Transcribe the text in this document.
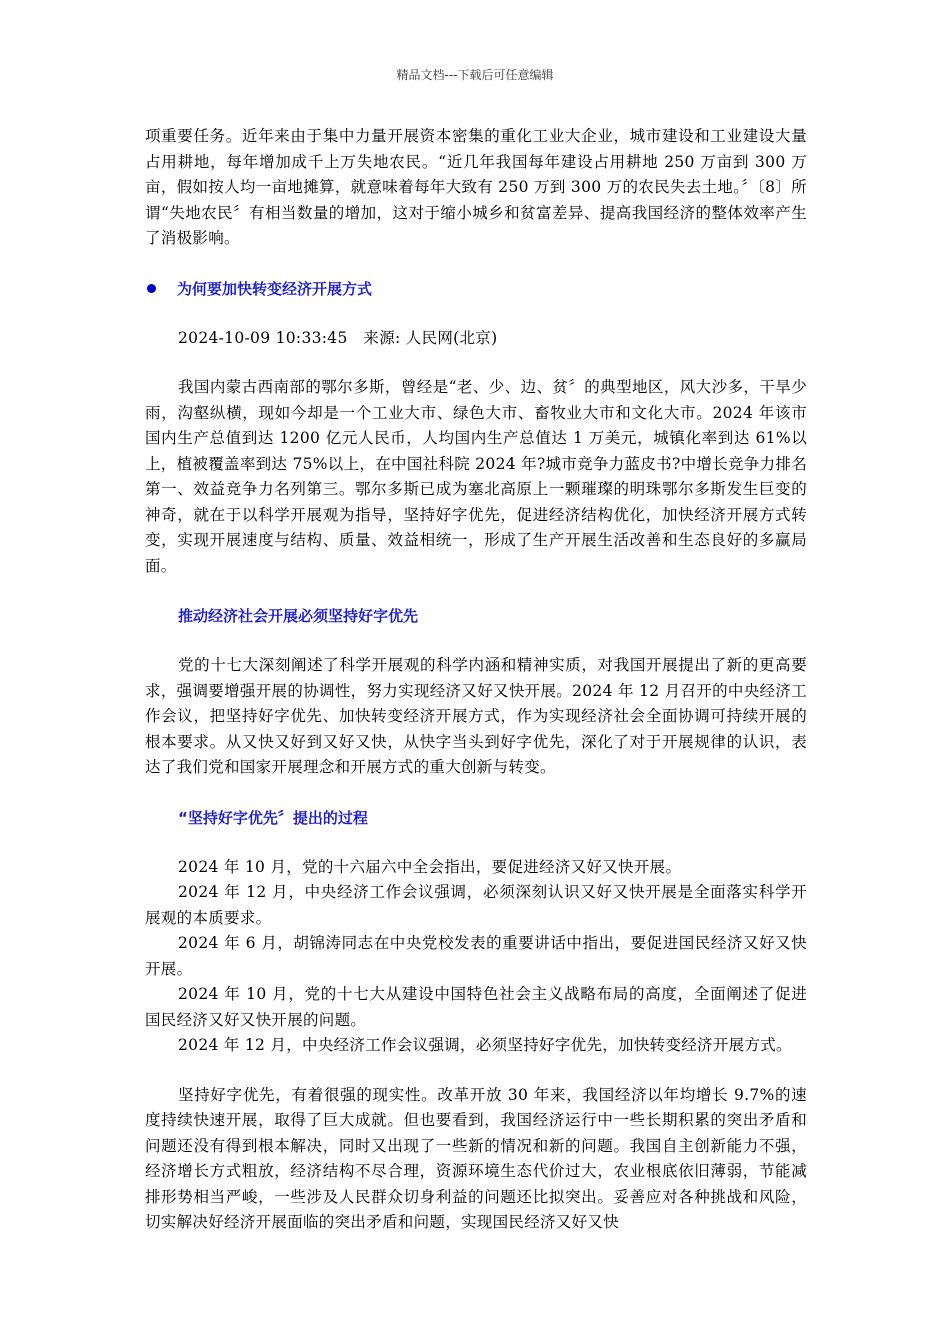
精品文档---下载后可任意编辑

项重要任务。近年来由于集中力量开展资本密集的重化工业大企业，城市建设和工业建设大量占用耕地，每年增加成千上万失地农民。“近几年我国每年建设占用耕地 250 万亩到 300 万亩，假如按人均一亩地摊算，就意味着每年大致有 250 万到 300 万的农民失去土地。〞〔8〕所谓“失地农民〞有相当数量的增加，这对于缩小城乡和贫富差异、提高我国经济的整体效率产生了消极影响。

为何要加快转变经济开展方式

2024-10-09 10:33:45　来源: 人民网(北京)

我国内蒙古西南部的鄂尔多斯，曾经是“老、少、边、贫〞的典型地区，风大沙多，干旱少雨，沟壑纵横，现如今却是一个工业大市、绿色大市、畜牧业大市和文化大市。2024 年该市国内生产总值到达 1200 亿元人民币，人均国内生产总值达 1 万美元，城镇化率到达 61%以上，植被覆盖率到达 75%以上，在中国社科院 2024 年?城市竞争力蓝皮书?中增长竞争力排名第一、效益竞争力名列第三。鄂尔多斯已成为塞北高原上一颗璀璨的明珠鄂尔多斯发生巨变的神奇，就在于以科学开展观为指导，坚持好字优先，促进经济结构优化，加快经济开展方式转变，实现开展速度与结构、质量、效益相统一，形成了生产开展生活改善和生态良好的多赢局面。

推动经济社会开展必须坚持好字优先

党的十七大深刻阐述了科学开展观的科学内涵和精神实质，对我国开展提出了新的更高要求，强调要增强开展的协调性，努力实现经济又好又快开展。2024 年 12 月召开的中央经济工作会议，把坚持好字优先、加快转变经济开展方式，作为实现经济社会全面协调可持续开展的根本要求。从又快又好到又好又快，从快字当头到好字优先，深化了对于开展规律的认识，表达了我们党和国家开展理念和开展方式的重大创新与转变。

“坚持好字优先〞提出的过程

2024 年 10 月，党的十六届六中全会指出，要促进经济又好又快开展。

2024 年 12 月，中央经济工作会议强调，必须深刻认识又好又快开展是全面落实科学开展观的本质要求。

2024 年 6 月，胡锦涛同志在中央党校发表的重要讲话中指出，要促进国民经济又好又快开展。

2024 年 10 月，党的十七大从建设中国特色社会主义战略布局的高度，全面阐述了促进国民经济又好又快开展的问题。

2024 年 12 月，中央经济工作会议强调，必须坚持好字优先，加快转变经济开展方式。

坚持好字优先，有着很强的现实性。改革开放 30 年来，我国经济以年均增长 9.7%的速度持续快速开展，取得了巨大成就。但也要看到，我国经济运行中一些长期积累的突出矛盾和问题还没有得到根本解决，同时又出现了一些新的情况和新的问题。我国自主创新能力不强，经济增长方式粗放，经济结构不尽合理，资源环境生态代价过大，农业根底依旧薄弱，节能减排形势相当严峻，一些涉及人民群众切身利益的问题还比拟突出。妥善应对各种挑战和风险，切实解决好经济开展面临的突出矛盾和问题，实现国民经济又好又快
